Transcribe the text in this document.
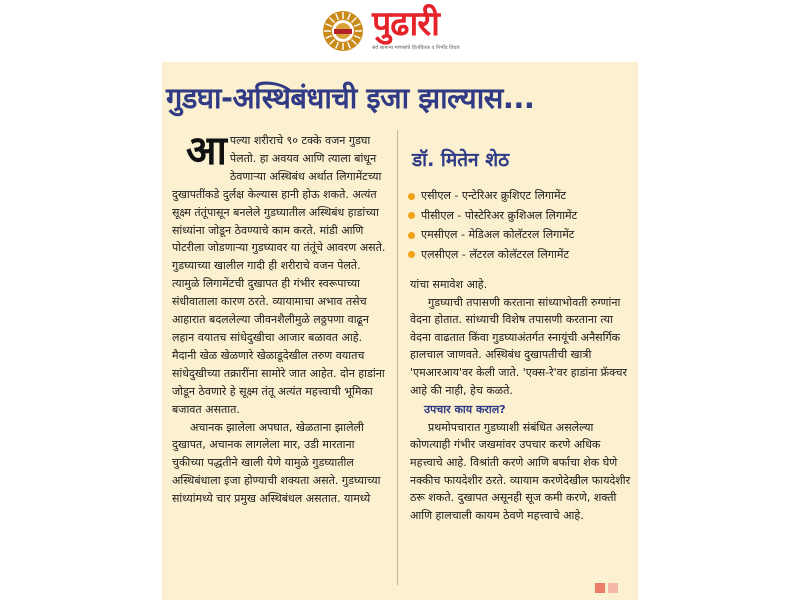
पुढारी
सर्व सामान्य माणसांचे हितचिंतक व निर्भीड विचार
गुडघा-अस्थिबंधाची इजा झाल्यास...
आ पल्या शरीराचे ९० टक्के वजन गुडघा पेलतो. हा अवयव आणि त्याला बांधून ठेवणाऱ्या अस्थिबंध अर्थात लिगामेंटच्या दुखापतींकडे दुर्लक्ष केल्यास हानी होऊ शकते. अत्यंत सूक्ष्म तंतूंपासून बनलेले गुडघ्यातील अस्थिबंध हाडांच्या सांध्यांना जोडून ठेवण्याचे काम करते. मांडी आणि पोटरीला जोडणाऱ्या गुडघ्यावर या तंतूंचे आवरण असते. गुडघ्याच्या खालील गादी ही शरीराचे वजन पेलते. त्यामुळे लिगामेंटची दुखापत ही गंभीर स्वरूपाच्या संधीवाताला कारण ठरते. व्यायामाचा अभाव तसेच आहारात बदललेल्या जीवनशैलीमुळे लठ्ठपणा वाढून लहान वयातच सांधेदुखीचा आजार बळावत आहे. मैदानी खेळ खेळणारे खेळाडूदेखील तरुण वयातच सांधेदुखीच्या तक्रारींना सामोरे जात आहेत. दोन हाडांना जोडून ठेवणारे हे सूक्ष्म तंतू अत्यंत महत्त्वाची भूमिका बजावत असतात.

अचानक झालेला अपघात, खेळताना झालेली दुखापत, अचानक लागलेला मार, उडी मारताना चुकीच्या पद्धतीने खाली येणे यामुळे गुडघ्यातील अस्थिबंधाला इजा होण्याची शक्यता असते. गुडघ्याच्या सांध्यांमध्ये चार प्रमुख अस्थिबंधल असतात. यामध्ये

डॉ. मितेन शेठ
एसीएल - एन्टेरिअर क्रुशिएट लिगामेंट
पीसीएल - पोस्टेरिअर क्रुशिअल लिगामेंट
एमसीएल - मेडिअल कोलॅटरल लिगामेंट
एलसीएल - लॅटरल कोलॅटरल लिगामेंट

यांचा समावेश आहे.

गुडघ्याची तपासणी करताना सांध्याभोवती रुग्णांना वेदना होतात. सांध्याची विशेष तपासणी करताना त्या वेदना वाढतात किंवा गुडघ्याअंतर्गत स्नायूंची अनैसर्गिक हालचाल जाणवते. अस्थिबंध दुखापतीची खात्री 'एमआरआय'वर केली जाते. 'एक्स-रे'वर हाडांना फ्रॅक्चर आहे की नाही, हेच कळते.

उपचार काय कराल?

प्रथमोपचारात गुडघ्याशी संबंधित असलेल्या कोणत्याही गंभीर जखमांवर उपचार करणे अधिक महत्त्वाचे आहे. विश्रांती करणे आणि बर्फाचा शेक घेणे नक्कीच फायदेशीर ठरते. व्यायाम करणेदेखील फायदेशीर ठरू शकते. दुखापत असूनही सूज कमी करणे, शक्ती आणि हालचाली कायम ठेवणे महत्त्वाचे आहे.
